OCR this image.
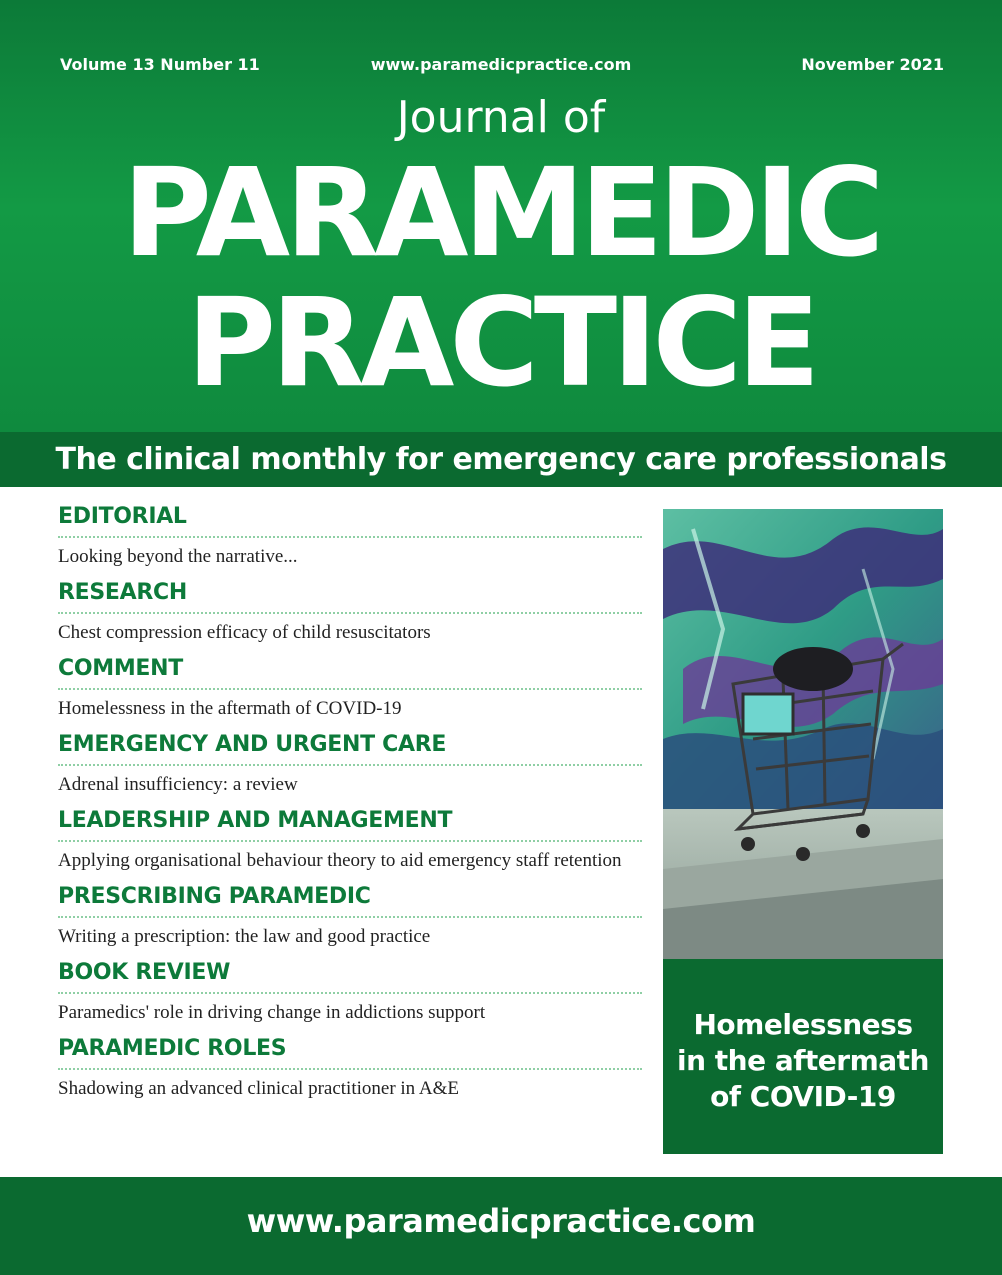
Volume 13 Number 11	www.paramedicpractice.com	November 2021
Journal of
PARAMEDIC
PRACTICE
The clinical monthly for emergency care professionals
EDITORIAL
Looking beyond the narrative...
RESEARCH
Chest compression efficacy of child resuscitators
COMMENT
Homelessness in the aftermath of COVID-19
EMERGENCY AND URGENT CARE
Adrenal insufficiency: a review
LEADERSHIP AND MANAGEMENT
Applying organisational behaviour theory to aid emergency staff retention
PRESCRIBING PARAMEDIC
Writing a prescription: the law and good practice
BOOK REVIEW
Paramedics' role in driving change in addictions support
PARAMEDIC ROLES
Shadowing an advanced clinical practitioner in A&E
Homelessness
in the aftermath
of COVID-19
www.paramedicpractice.com
